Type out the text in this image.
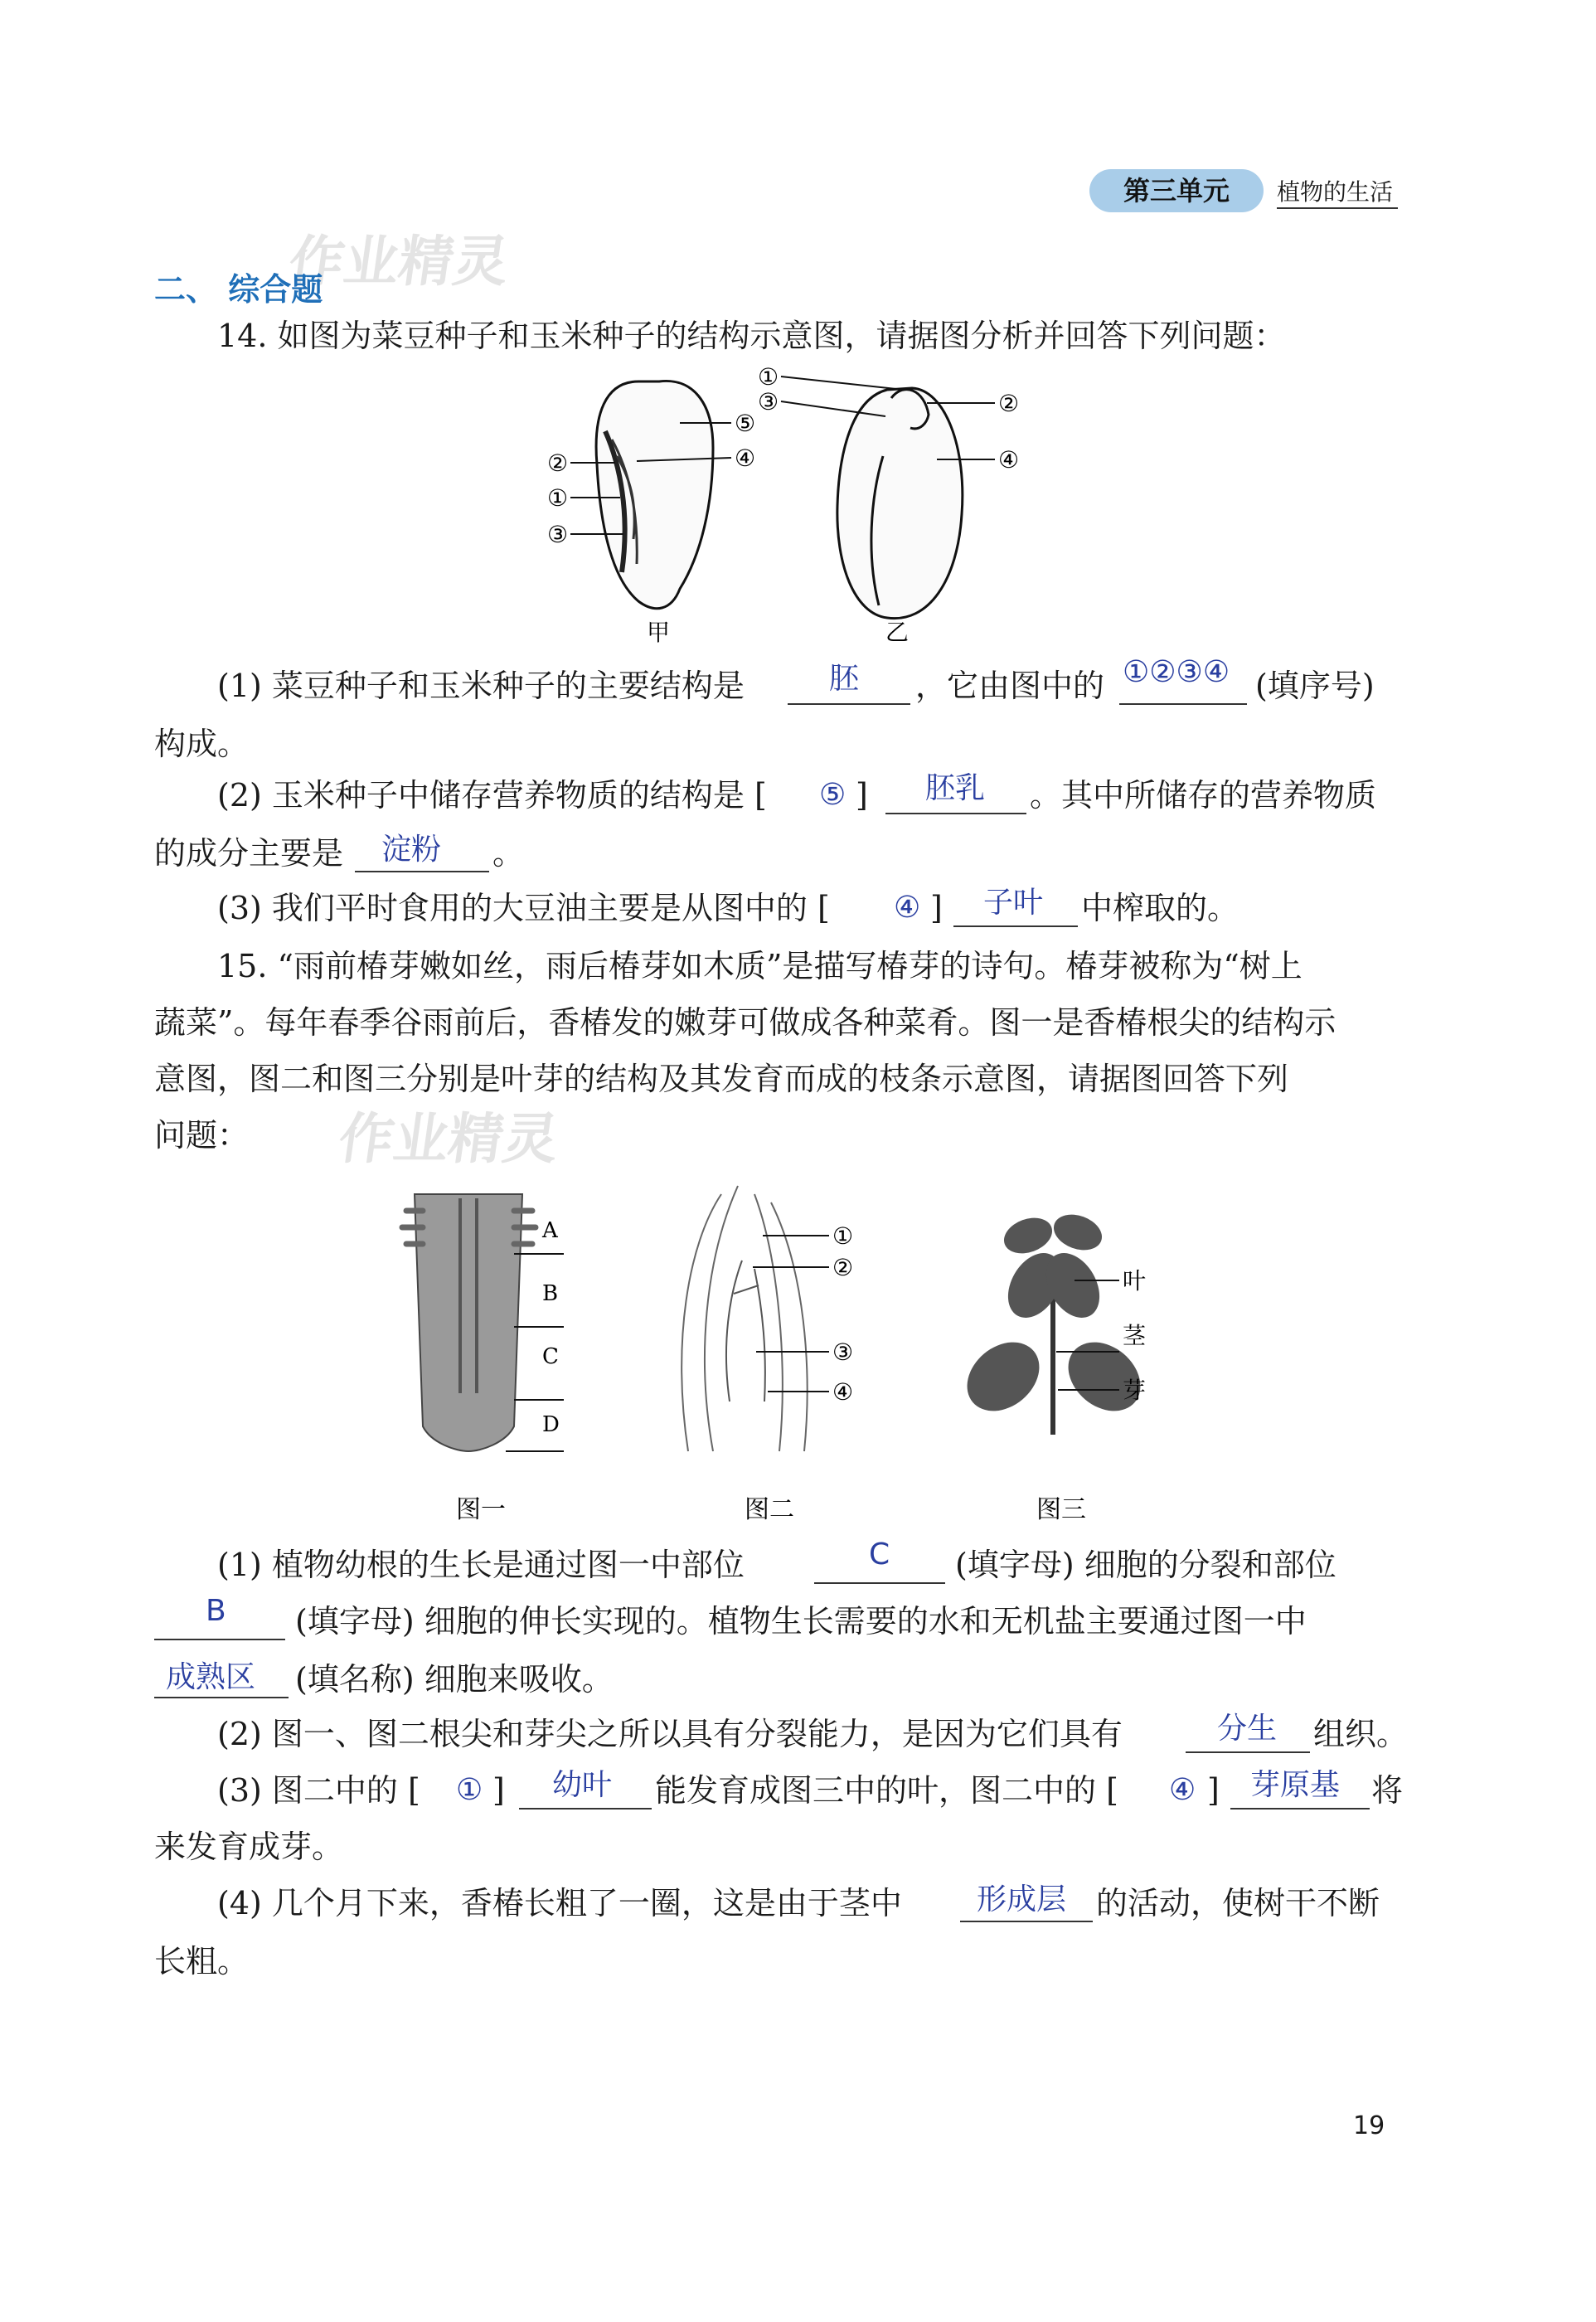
第三单元	植物的生活
作业精灵
作业精灵
二、 综合题
14. 如图为菜豆种子和玉米种子的结构示意图，请据图分析并回答下列问题：
②
①
③
⑤
④
甲
①
③	②
④
乙
(1) 菜豆种子和玉米种子的主要结构是	胚 ，它由图中的 ①②③④ (填序号)
构成。
(2) 玉米种子中储存营养物质的结构是 [ ⑤ ] 胚乳 。其中所储存的营养物质
的成分主要是 淀粉 。
(3) 我们平时食用的大豆油主要是从图中的 [ ④ ] 子叶 中榨取的。
15. “雨前椿芽嫩如丝，雨后椿芽如木质”是描写椿芽的诗句。椿芽被称为“树上
蔬菜”。每年春季谷雨前后，香椿发的嫩芽可做成各种菜肴。图一是香椿根尖的结构示
意图，图二和图三分别是叶芽的结构及其发育而成的枝条示意图，请据图回答下列
问题：
A
B
C
D
图一
①
②
③
④
图二
叶
茎
芽
图三
(1) 植物幼根的生长是通过图一中部位	C (填字母) 细胞的分裂和部位
B (填字母) 细胞的伸长实现的。植物生长需要的水和无机盐主要通过图一中
成熟区 (填名称) 细胞来吸收。
(2) 图一、图二根尖和芽尖之所以具有分裂能力，是因为它们具有	分生 组织。
(3) 图二中的 [ ① ] 幼叶 能发育成图三中的叶，图二中的 [ ④ ] 芽原基 将
来发育成芽。
(4) 几个月下来，香椿长粗了一圈，这是由于茎中	形成层 的活动，使树干不断
长粗。
19
